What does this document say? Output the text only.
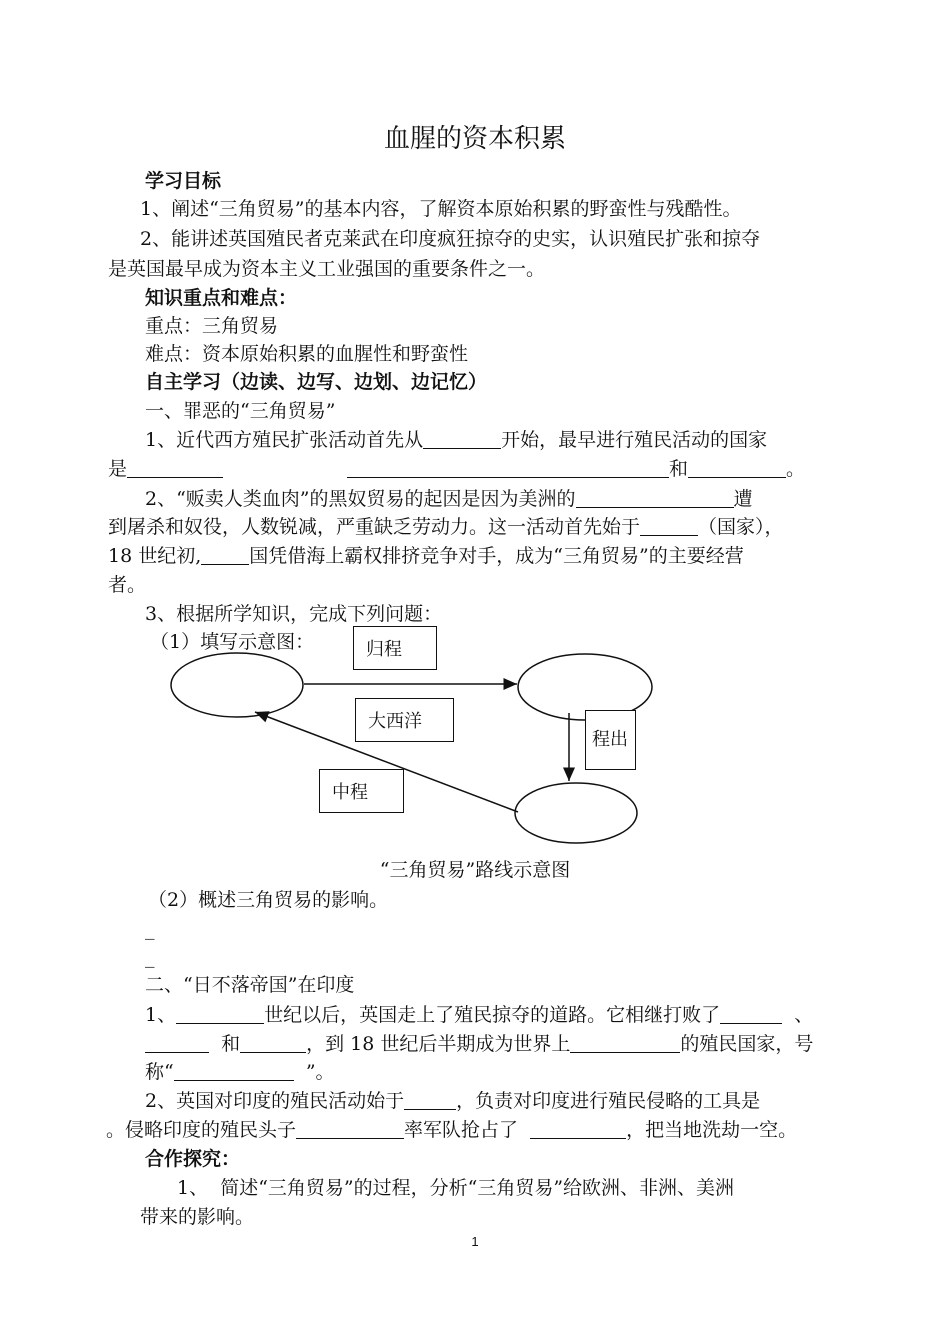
血腥的资本积累
学习目标
1、阐述“三角贸易”的基本内容，了解资本原始积累的野蛮性与残酷性。
2、能讲述英国殖民者克莱武在印度疯狂掠夺的史实，认识殖民扩张和掠夺
是英国最早成为资本主义工业强国的重要条件之一。
知识重点和难点：
重点：三角贸易
难点：资本原始积累的血腥性和野蛮性
自主学习（边读、边写、边划、边记忆）
一、罪恶的“三角贸易”
1、近代西方殖民扩张活动首先从	开始，最早进行殖民活动的国家
是	和	。
2、“贩卖人类血肉”的黑奴贸易的起因是因为美洲的	遭
到屠杀和奴役，人数锐减，严重缺乏劳动力。这一活动首先始于	（国家），
18 世纪初,	国凭借海上霸权排挤竞争对手，成为“三角贸易”的主要经营
者。
3、根据所学知识，完成下列问题：
（1）填写示意图：	归程
大西洋
程出
中程
“三角贸易”路线示意图
（2）概述三角贸易的影响。
_
_
二、“日不落帝国”在印度
1、	世纪以后，英国走上了殖民掠夺的道路。它相继打败了	、
和	，到 18 世纪后半期成为世界上	的殖民国家，号
称“	”。
2、英国对印度的殖民活动始于	，负责对印度进行殖民侵略的工具是
。侵略印度的殖民头子	率军队抢占了	，把当地洗劫一空。
合作探究：
1、 简述“三角贸易”的过程，分析“三角贸易”给欧洲、非洲、美洲
带来的影响。
1
